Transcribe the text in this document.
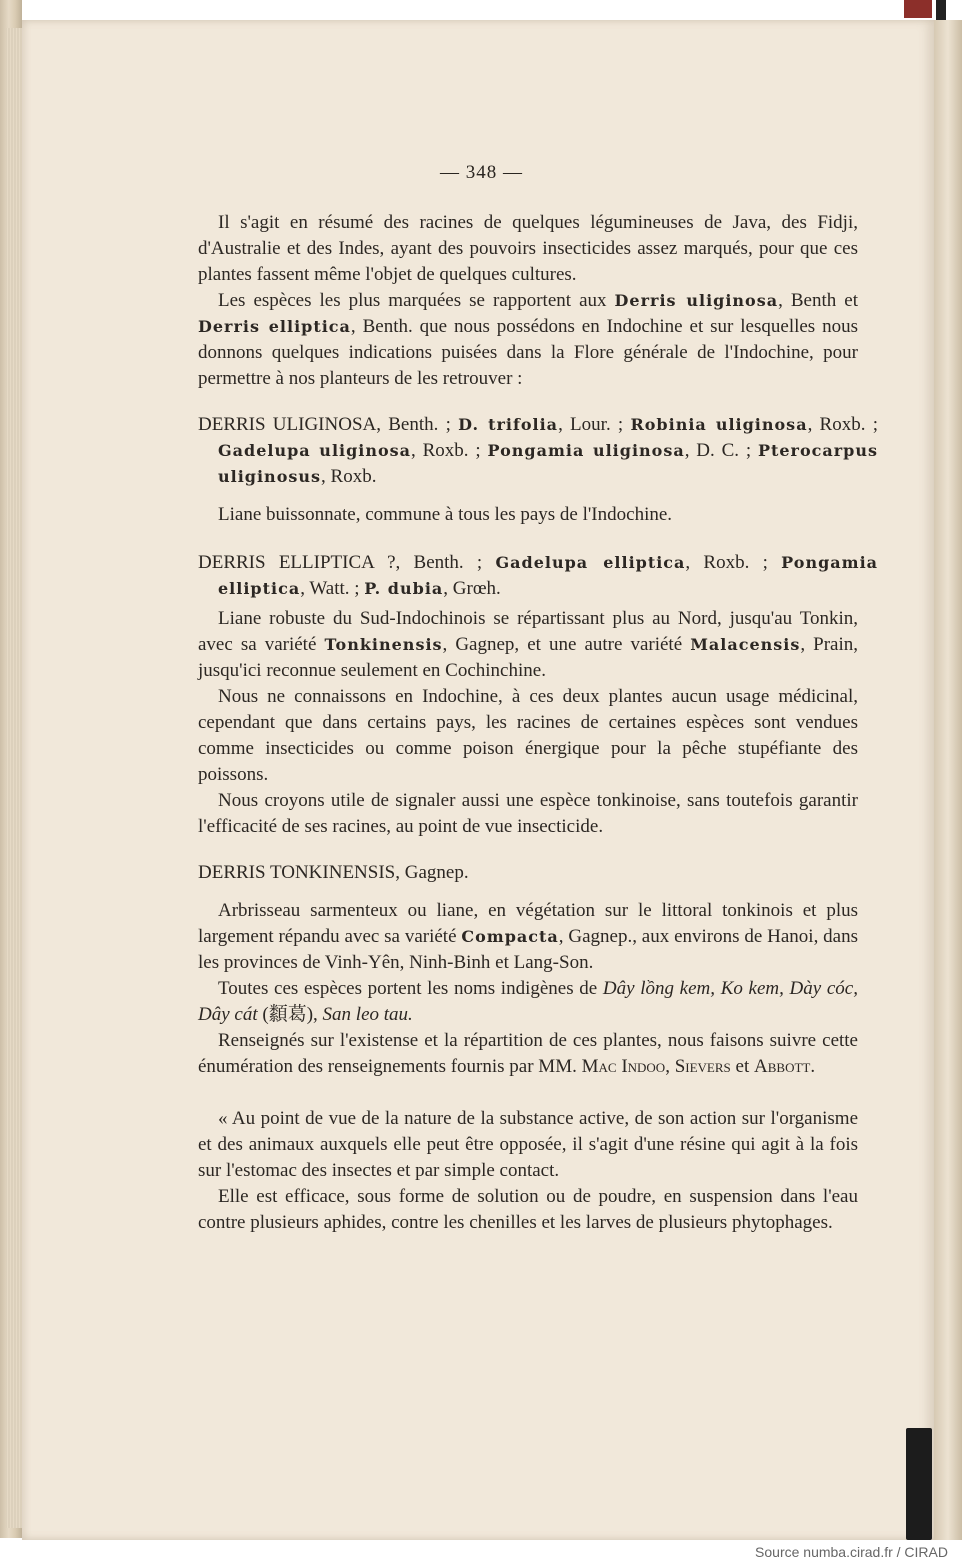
— 348 —
Il s'agit en résumé des racines de quelques légumineuses de Java, des Fidji, d'Australie et des Indes, ayant des pouvoirs insecticides assez marqués, pour que ces plantes fassent même l'objet de quelques cultures.
Les espèces les plus marquées se rapportent aux Derris uliginosa, Benth et Derris elliptica, Benth. que nous possédons en Indochine et sur lesquelles nous donnons quelques indications puisées dans la Flore générale de l'Indochine, pour permettre à nos planteurs de les retrouver :
DERRIS ULIGINOSA, Benth. ; D. trifolia, Lour. ; Robinia uliginosa, Roxb. ; Gadelupa uliginosa, Roxb. ; Pongamia uliginosa, D. C. ; Pterocarpus uliginosus, Roxb.
Liane buissonnate, commune à tous les pays de l'Indochine.
DERRIS ELLIPTICA ?, Benth. ; Gadelupa elliptica, Roxb. ; Pongamia elliptica, Watt. ; P. dubia, Grœh.
Liane robuste du Sud-Indochinois se répartissant plus au Nord, jusqu'au Tonkin, avec sa variété Tonkinensis, Gagnep, et une autre variété Malacensis, Prain, jusqu'ici reconnue seulement en Cochinchine.
Nous ne connaissons en Indochine, à ces deux plantes aucun usage médicinal, cependant que dans certains pays, les racines de certaines espèces sont vendues comme insecticides ou comme poison énergique pour la pêche stupéfiante des poissons.
Nous croyons utile de signaler aussi une espèce tonkinoise, sans toutefois garantir l'efficacité de ses racines, au point de vue insecticide.
DERRIS TONKINENSIS, Gagnep.
Arbrisseau sarmenteux ou liane, en végétation sur le littoral tonkinois et plus largement répandu avec sa variété Compacta, Gagnep., aux environs de Hanoi, dans les provinces de Vinh-Yên, Ninh-Binh et Lang-Son.
Toutes ces espèces portent les noms indigènes de Dây lồng kem, Ko kem, Dày cóc, Dây cát (纇葛), San leo tau.
Renseignés sur l'existense et la répartition de ces plantes, nous faisons suivre cette énumération des renseignements fournis par MM. Mac Indoo, Sievers et Abbott.
« Au point de vue de la nature de la substance active, de son action sur l'organisme et des animaux auxquels elle peut être opposée, il s'agit d'une résine qui agit à la fois sur l'estomac des insectes et par simple contact.
Elle est efficace, sous forme de solution ou de poudre, en suspension dans l'eau contre plusieurs aphides, contre les chenilles et les larves de plusieurs phytophages.
Source numba.cirad.fr / CIRAD
